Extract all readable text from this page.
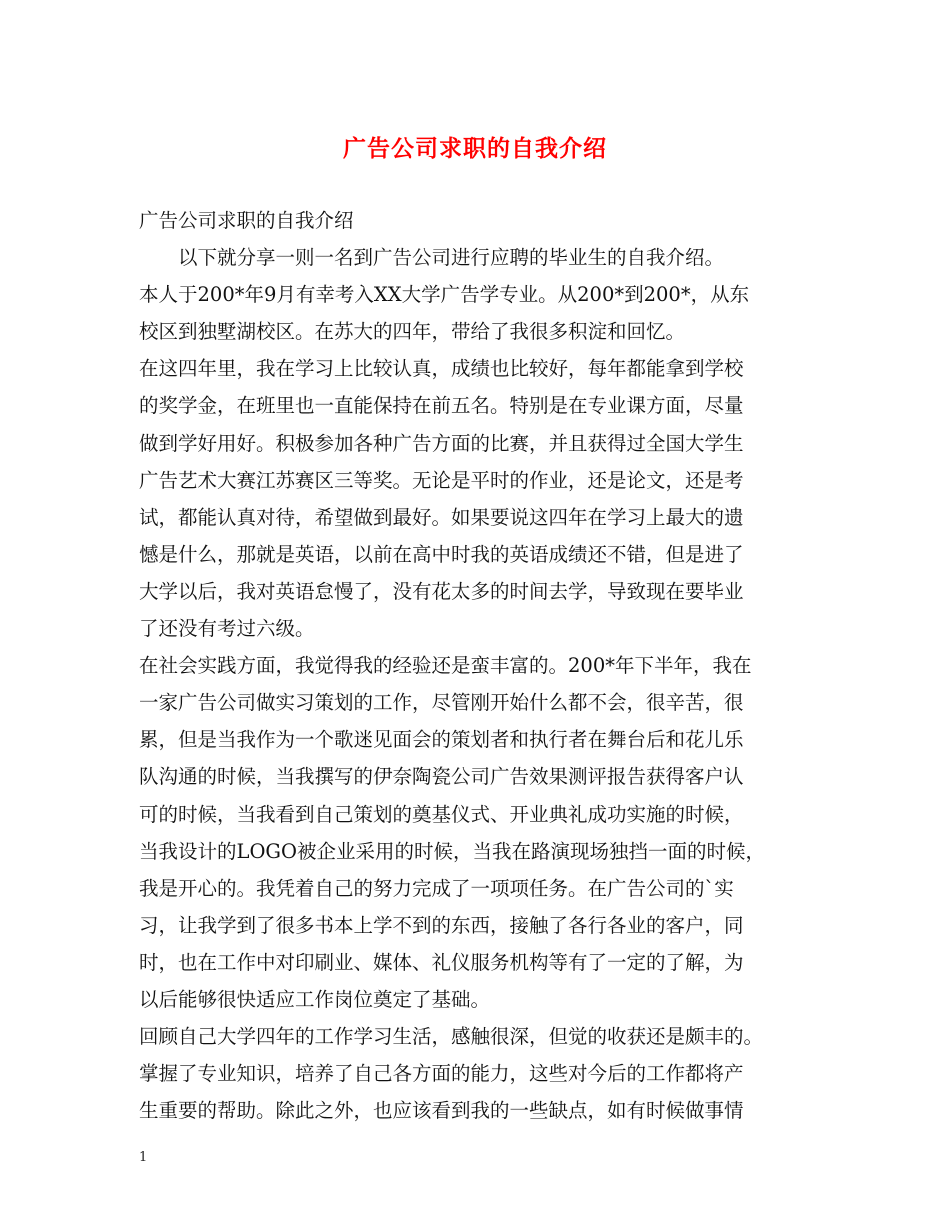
广告公司求职的自我介绍
广告公司求职的自我介绍
以下就分享一则一名到广告公司进行应聘的毕业生的自我介绍。
本人于200*年9月有幸考入XX大学广告学专业。从200*到200*，从东
校区到独墅湖校区。在苏大的四年，带给了我很多积淀和回忆。
在这四年里，我在学习上比较认真，成绩也比较好，每年都能拿到学校
的奖学金，在班里也一直能保持在前五名。特别是在专业课方面，尽量
做到学好用好。积极参加各种广告方面的比赛，并且获得过全国大学生
广告艺术大赛江苏赛区三等奖。无论是平时的作业，还是论文，还是考
试，都能认真对待，希望做到最好。如果要说这四年在学习上最大的遗
憾是什么，那就是英语，以前在高中时我的英语成绩还不错，但是进了
大学以后，我对英语怠慢了，没有花太多的时间去学，导致现在要毕业
了还没有考过六级。
在社会实践方面，我觉得我的经验还是蛮丰富的。200*年下半年，我在
一家广告公司做实习策划的工作，尽管刚开始什么都不会，很辛苦，很
累，但是当我作为一个歌迷见面会的策划者和执行者在舞台后和花儿乐
队沟通的时候，当我撰写的伊奈陶瓷公司广告效果测评报告获得客户认
可的时候，当我看到自己策划的奠基仪式、开业典礼成功实施的时候，
当我设计的LOGO被企业采用的时候，当我在路演现场独挡一面的时候，
我是开心的。我凭着自己的努力完成了一项项任务。在广告公司的`实
习，让我学到了很多书本上学不到的东西，接触了各行各业的客户，同
时，也在工作中对印刷业、媒体、礼仪服务机构等有了一定的了解，为
以后能够很快适应工作岗位奠定了基础。
回顾自己大学四年的工作学习生活，感触很深，但觉的收获还是颇丰的。
掌握了专业知识，培养了自己各方面的能力，这些对今后的工作都将产
生重要的帮助。除此之外，也应该看到我的一些缺点，如有时候做事情
1
